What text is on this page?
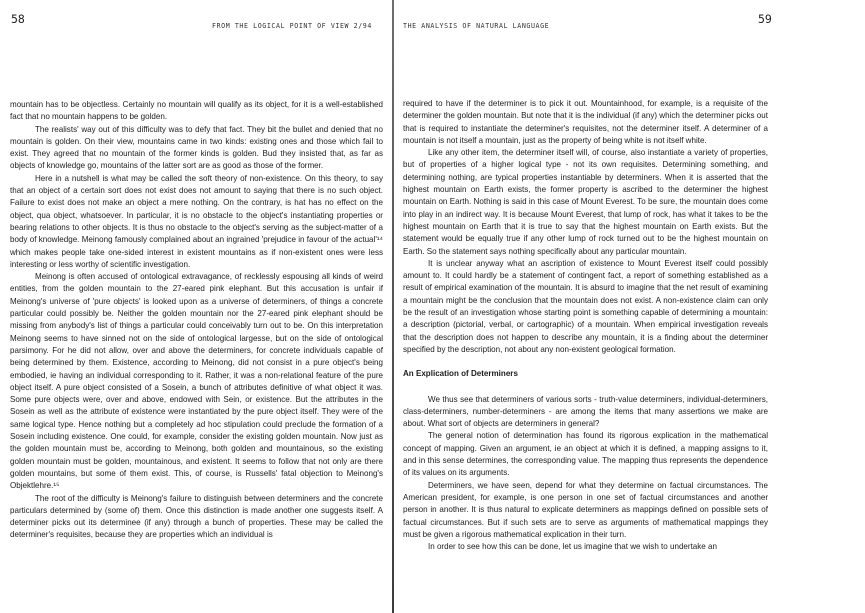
58	FROM THE LOGICAL POINT OF VIEW 2/94

mountain has to be objectless. Certainly no mountain will qualify as its object, for it is a well-established fact that no mountain happens to be golden.

The realists' way out of this difficulty was to defy that fact. They bit the bullet and denied that no mountain is golden. On their view, mountains came in two kinds: existing ones and those which fail to exist. They agreed that no mountain of the former kinds is golden. Bud they insisted that, as far as objects of knowledge go, mountains of the latter sort are as good as those of the former.

Here in a nutshell is what may be called the soft theory of non-existence. On this theory, to say that an object of a certain sort does not exist does not amount to saying that there is no such object. Failure to exist does not make an object a mere nothing. On the contrary, is hat has no effect on the object, qua object, whatsoever. In particular, it is no obstacle to the object's instantiating properties or bearing relations to other objects. It is thus no obstacle to the object's serving as the subject-matter of a body of knowledge. Meinong famously complained about an ingrained 'prejudice in favour of the actual'¹⁴ which makes people take one-sided interest in existent mountains as if non-existent ones were less interesting or less worthy of scientific investigation.

Meinong is often accused of ontological extravagance, of recklessly espousing all kinds of weird entities, from the golden mountain to the 27-eared pink elephant. But this accusation is unfair if Meinong's universe of 'pure objects' is looked upon as a universe of determiners, of things a concrete particular could possibly be. Neither the golden mountain nor the 27-eared pink elephant should be missing from anybody's list of things a particular could conceivably turn out to be. On this interpretation Meinong seems to have sinned not on the side of ontological largesse, but on the side of ontological parsimony. For he did not allow, over and above the determiners, for concrete individuals capable of being determined by them. Existence, according to Meinong, did not consist in a pure object's being embodied, ie having an individual corresponding to it. Rather, it was a non-relational feature of the pure object itself. A pure object consisted of a Sosein, a bunch of attributes definitive of what object it was. Some pure objects were, over and above, endowed with Sein, or existence. But the attributes in the Sosein as well as the attribute of existence were instantiated by the pure object itself. They were of the same logical type. Hence nothing but a completely ad hoc stipulation could preclude the formation of a Sosein including existence. One could, for example, consider the existing golden mountain. Now just as the golden mountain must be, according to Meinong, both golden and mountainous, so the existing golden mountain must be golden, mountainous, and existent. It seems to follow that not only are there golden mountains, but some of them exist. This, of course, is Russells' fatal objection to Meinong's Objektlehre.¹⁵

The root of the difficulty is Meinong's failure to distinguish between determiners and the concrete particulars determined by (some of) them. Once this distinction is made another one suggests itself. A determiner picks out its determinee (if any) through a bunch of properties. These may be called the determiner's requisites, because they are properties which an individual is

59
THE ANALYSIS OF NATURAL LANGUAGE

required to have if the determiner is to pick it out. Mountainhood, for example, is a requisite of the determiner the golden mountain. But note that it is the individual (if any) which the determiner picks out that is required to instantiate the determiner's requisites, not the determiner itself. A determiner of a mountain is not itself a mountain, just as the property of being white is not itself white.

Like any other item, the determiner itself will, of course, also instantiate a variety of properties, but of properties of a higher logical type - not its own requisites. Determining something, and determining nothing, are typical properties instantiable by determiners. When it is asserted that the highest mountain on Earth exists, the former property is ascribed to the determiner the highest mountain on Earth. Nothing is said in this case of Mount Everest. To be sure, the mountain does come into play in an indirect way. It is because Mount Everest, that lump of rock, has what it takes to be the highest mountain on Earth that it is true to say that the highest mountain on Earth exists. But the statement would be equally true if any other lump of rock turned out to be the highest mountain on Earth. So the statement says nothing specifically about any particular mountain.

It is unclear anyway what an ascription of existence to Mount Everest itself could possibly amount to. It could hardly be a statement of contingent fact, a report of something established as a result of empirical examination of the mountain. It is absurd to imagine that the net result of examining a mountain might be the conclusion that the mountain does not exist. A non-existence claim can only be the result of an investigation whose starting point is something capable of determining a mountain: a description (pictorial, verbal, or cartographic) of a mountain. When empirical investigation reveals that the description does not happen to describe any mountain, it is a finding about the determiner specified by the description, not about any non-existent geological formation.

An Explication of Determiners

We thus see that determiners of various sorts - truth-value determiners, individual-determiners, class-determiners, number-determiners - are among the items that many assertions we make are about. What sort of objects are determiners in general?

The general notion of determination has found its rigorous explication in the mathematical concept of mapping. Given an argument, ie an object at which it is defined, a mapping assigns to it, and in this sense determines, the corresponding value. The mapping thus represents the dependence of its values on its arguments.

Determiners, we have seen, depend for what they determine on factual circumstances. The American president, for example, is one person in one set of factual circumstances and another person in another. It is thus natural to explicate determiners as mappings defined on possible sets of factual circumstances. But if such sets are to serve as arguments of mathematical mappings they must be given a rigorous mathematical explication in their turn.

In order to see how this can be done, let us imagine that we wish to undertake an
